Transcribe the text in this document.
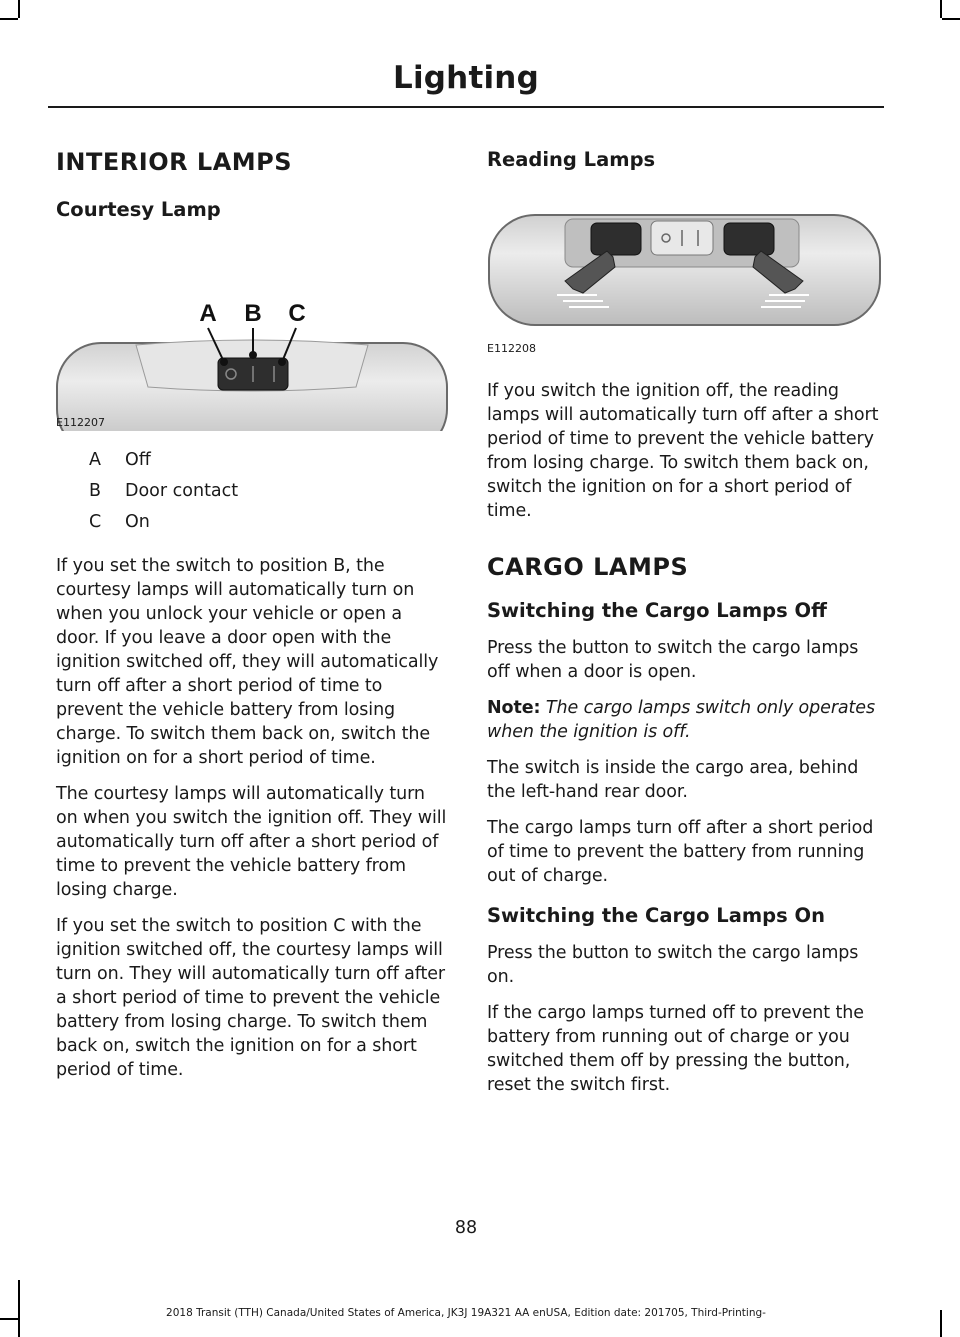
Lighting
INTERIOR LAMPS
Courtesy Lamp
A B C
E112207
A	Off
B	Door contact
C	On

If you set the switch to position B, the courtesy lamps will automatically turn on when you unlock your vehicle or open a door. If you leave a door open with the ignition switched off, they will automatically turn off after a short period of time to prevent the vehicle battery from losing charge. To switch them back on, switch the ignition on for a short period of time.

The courtesy lamps will automatically turn on when you switch the ignition off. They will automatically turn off after a short period of time to prevent the vehicle battery from losing charge.

If you set the switch to position C with the ignition switched off, the courtesy lamps will turn on. They will automatically turn off after a short period of time to prevent the vehicle battery from losing charge. To switch them back on, switch the ignition on for a short period of time.

Reading Lamps
E112208

If you switch the ignition off, the reading lamps will automatically turn off after a short period of time to prevent the vehicle battery from losing charge. To switch them back on, switch the ignition on for a short period of time.

CARGO LAMPS
Switching the Cargo Lamps Off

Press the button to switch the cargo lamps off when a door is open.

Note: The cargo lamps switch only operates when the ignition is off.

The switch is inside the cargo area, behind the left-hand rear door.

The cargo lamps turn off after a short period of time to prevent the battery from running out of charge.

Switching the Cargo Lamps On

Press the button to switch the cargo lamps on.

If the cargo lamps turned off to prevent the battery from running out of charge or you switched them off by pressing the button, reset the switch first.

88
2018 Transit (TTH) Canada/United States of America, JK3J 19A321 AA enUSA, Edition date: 201705, Third-Printing-
